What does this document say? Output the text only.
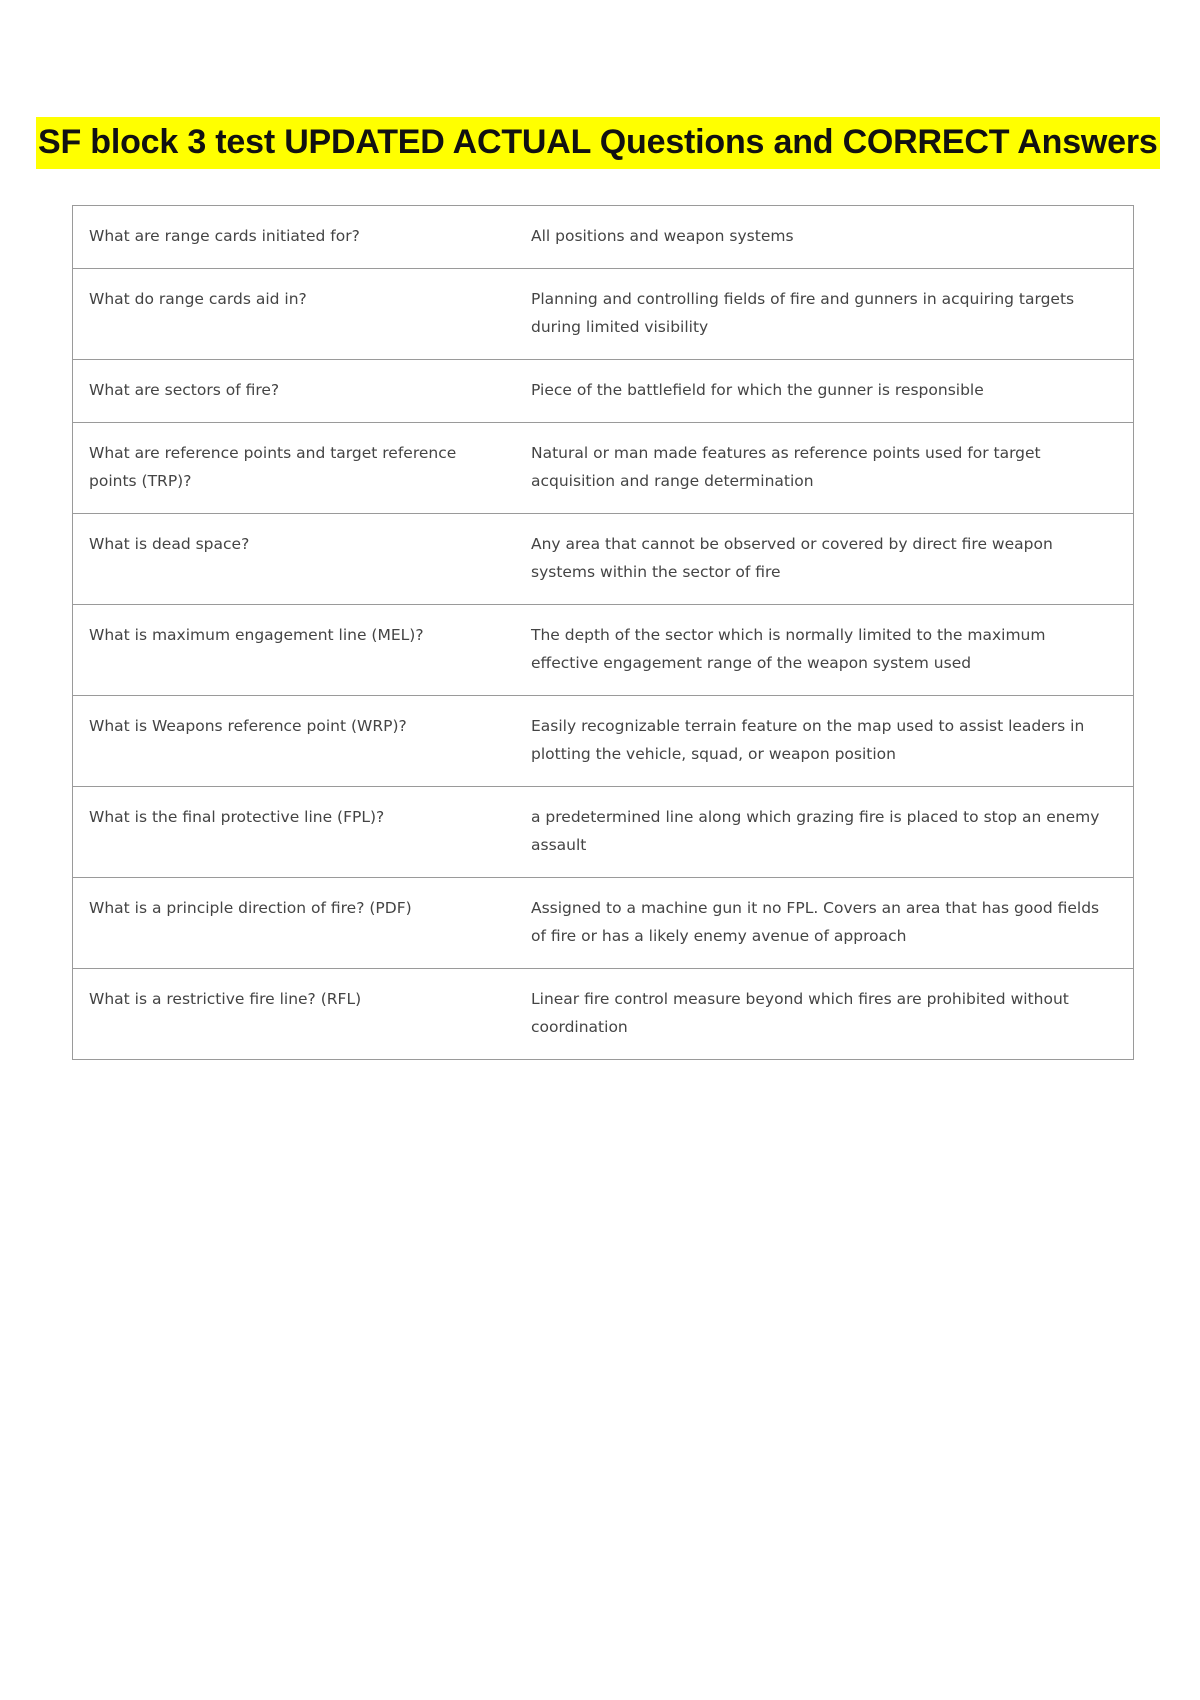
SF block 3 test UPDATED ACTUAL Questions and CORRECT Answers
What are range cards initiated for?	All positions and weapon systems
What do range cards aid in?	Planning and controlling fields of fire and gunners in acquiring targets during limited visibility
What are sectors of fire?	Piece of the battlefield for which the gunner is responsible
What are reference points and target reference points (TRP)?	Natural or man made features as reference points used for target acquisition and range determination
What is dead space?	Any area that cannot be observed or covered by direct fire weapon systems within the sector of fire
What is maximum engagement line (MEL)?	The depth of the sector which is normally limited to the maximum effective engagement range of the weapon system used
What is Weapons reference point (WRP)?	Easily recognizable terrain feature on the map used to assist leaders in plotting the vehicle, squad, or weapon position
What is the final protective line (FPL)?	a predetermined line along which grazing fire is placed to stop an enemy assault
What is a principle direction of fire? (PDF)	Assigned to a machine gun it no FPL. Covers an area that has good fields of fire or has a likely enemy avenue of approach
What is a restrictive fire line? (RFL)	Linear fire control measure beyond which fires are prohibited without coordination
